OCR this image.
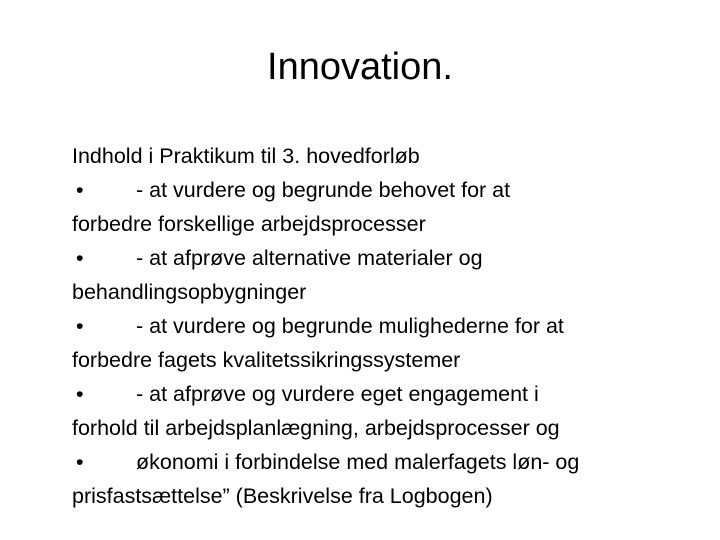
Innovation.
Indhold i Praktikum til 3. hovedforløb
• - at vurdere og begrunde behovet for at
forbedre forskellige arbejdsprocesser
• - at afprøve alternative materialer og
behandlingsopbygninger
• - at vurdere og begrunde mulighederne for at
forbedre fagets kvalitetssikringssystemer
• - at afprøve og vurdere eget engagement i
forhold til arbejdsplanlægning, arbejdsprocesser og
• økonomi i forbindelse med malerfagets løn- og
prisfastsættelse” (Beskrivelse fra Logbogen)
